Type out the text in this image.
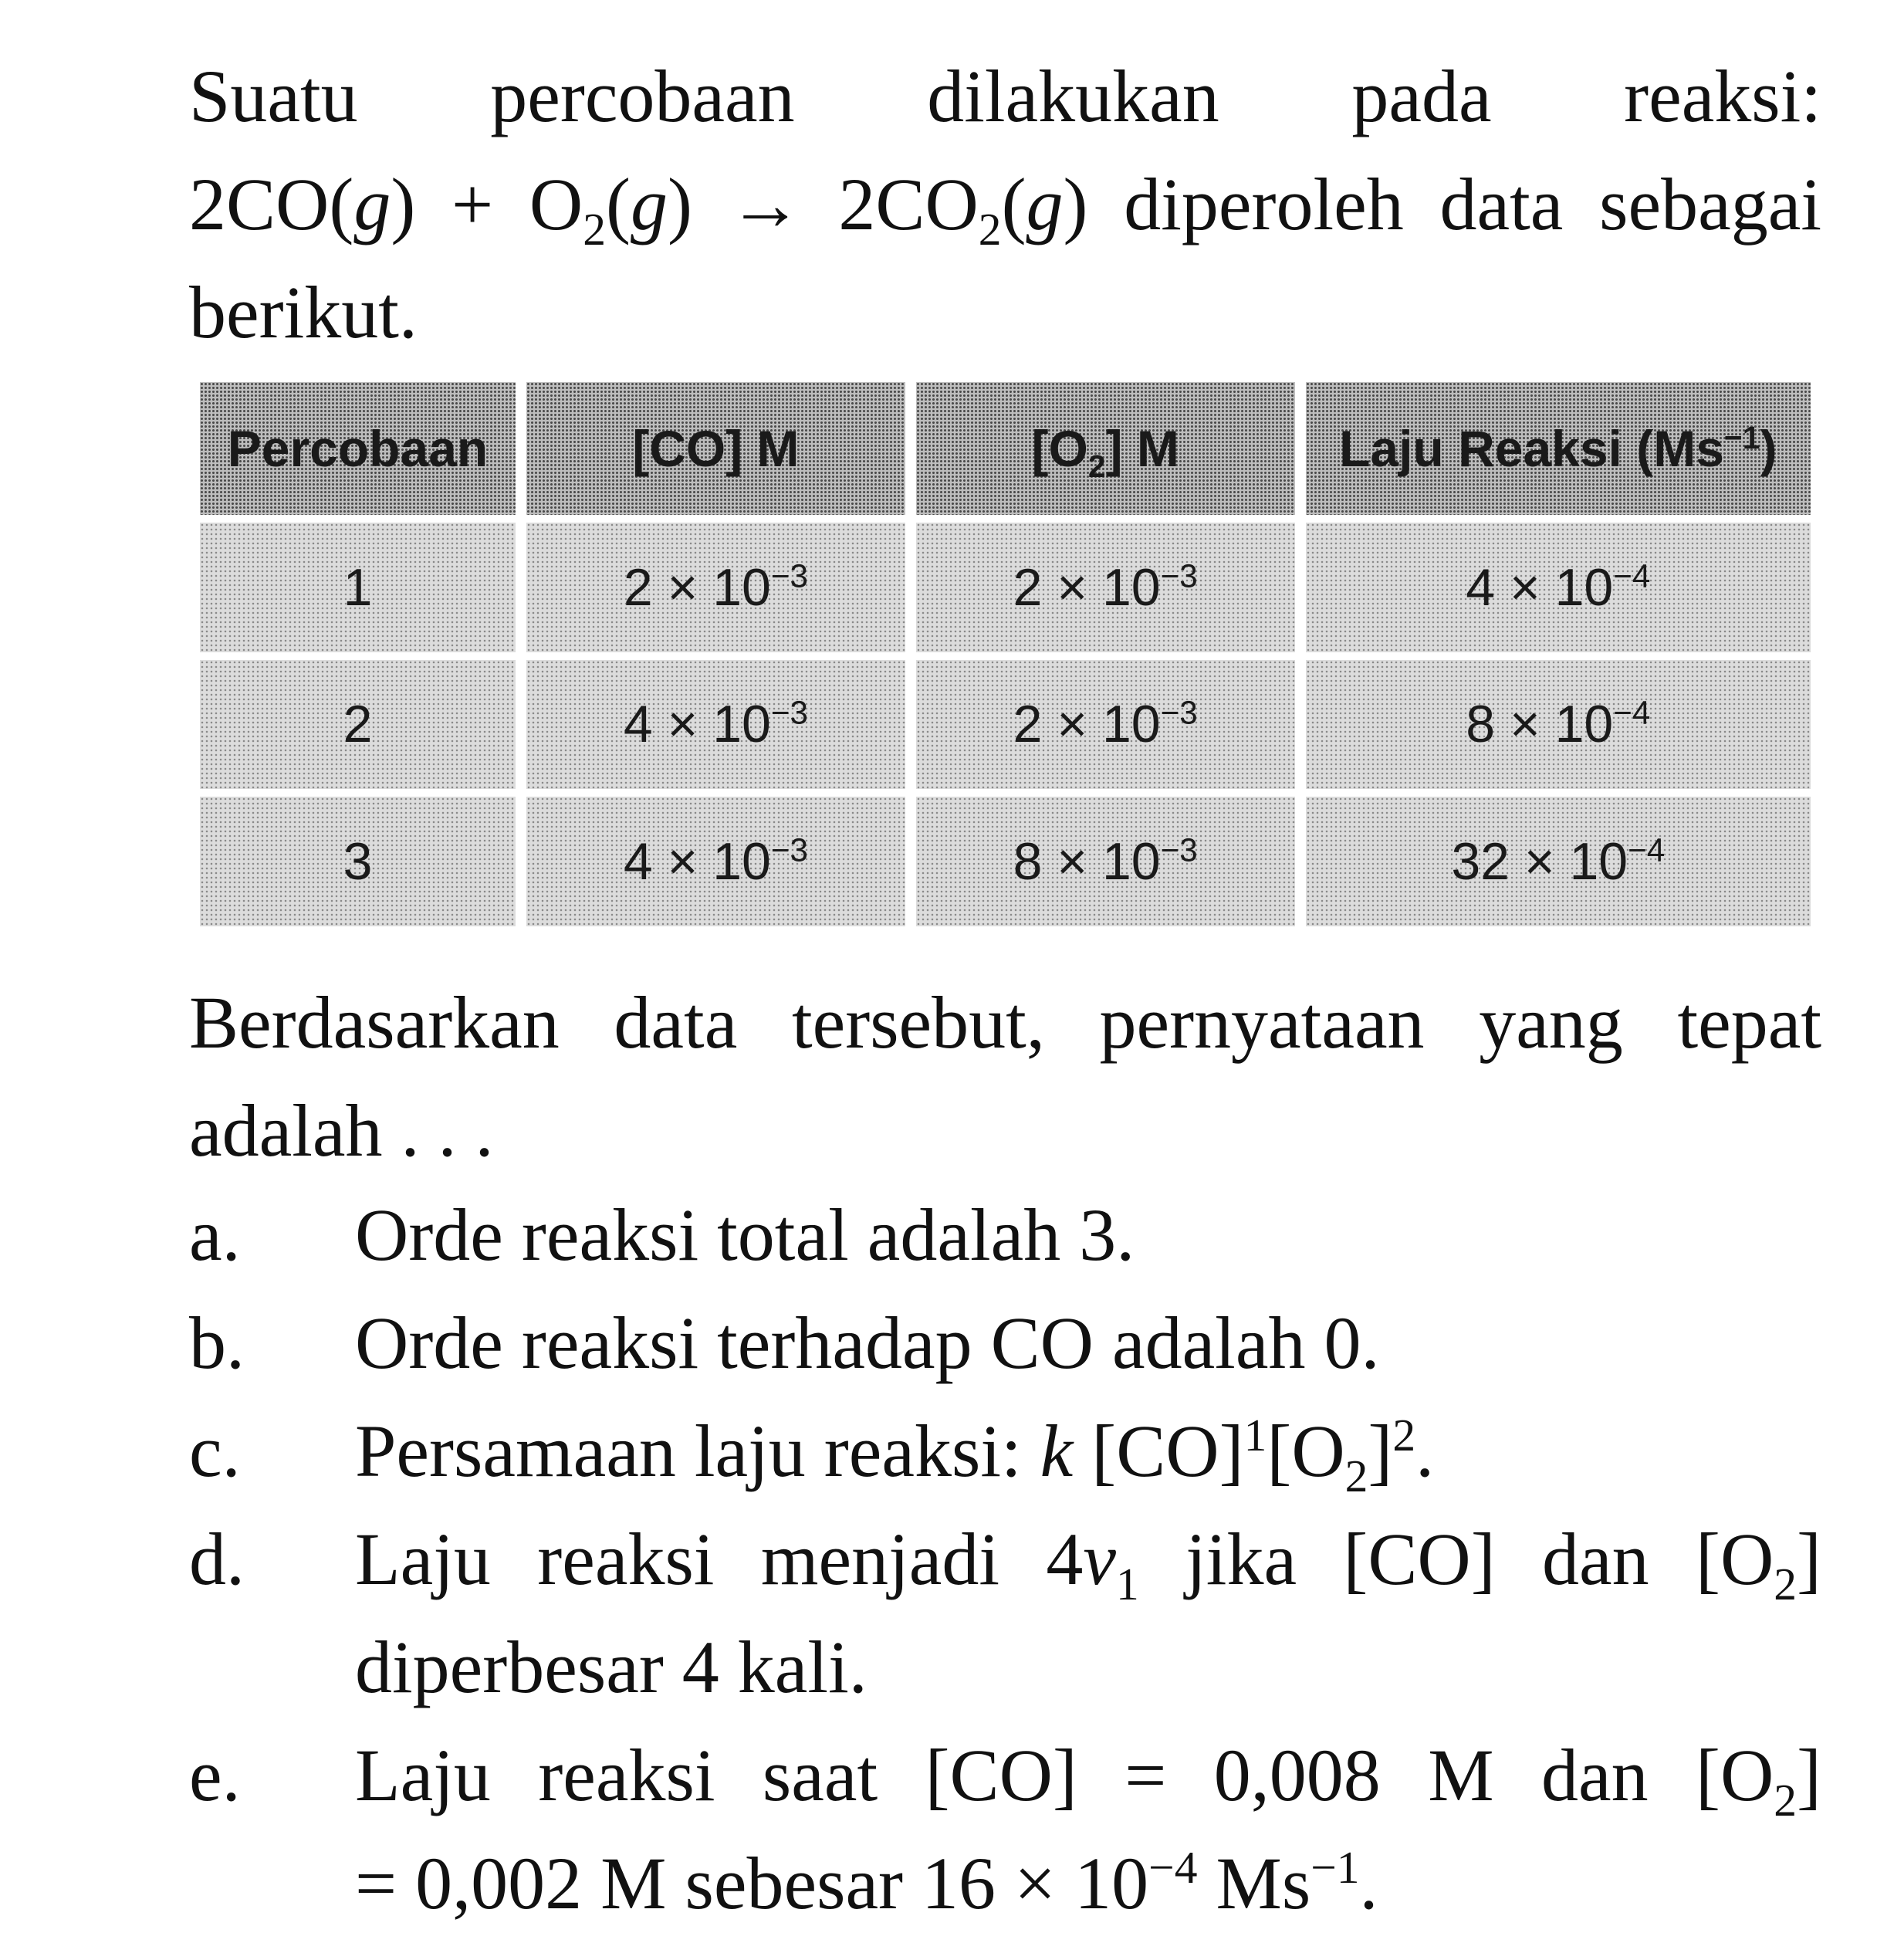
Suatu percobaan dilakukan pada reaksi:
$2CO(g) + O_2(g) \to 2CO_2(g)$ diperoleh data sebagai
berikut.
Percobaan	[CO] M	$[O_2]$ M	Laju Reaksi $(Ms^{-1})$
1	$2 \times 10^{-3}$	$2 \times 10^{-3}$	$4 \times 10^{-4}$
2	$4 \times 10^{-3}$	$2 \times 10^{-3}$	$8 \times 10^{-4}$
3	$4 \times 10^{-3}$	$8 \times 10^{-3}$	$32 \times 10^{-4}$
Berdasarkan data tersebut, pernyataan yang tepat
adalah . . .
a.	Orde reaksi total adalah 3.
b.	Orde reaksi terhadap CO adalah 0.
c.	Persamaan laju reaksi: k $[CO]^1[O_2]^2$.
d.	Laju reaksi menjadi $4v_1$ jika [CO] dan $[O_2]$
diperbesar 4 kali.
e.	Laju reaksi saat [CO] = 0,008 M dan $[O_2]$
= 0,002 M sebesar $16 \times 10^{-4}$ $Ms^{-1}$.
